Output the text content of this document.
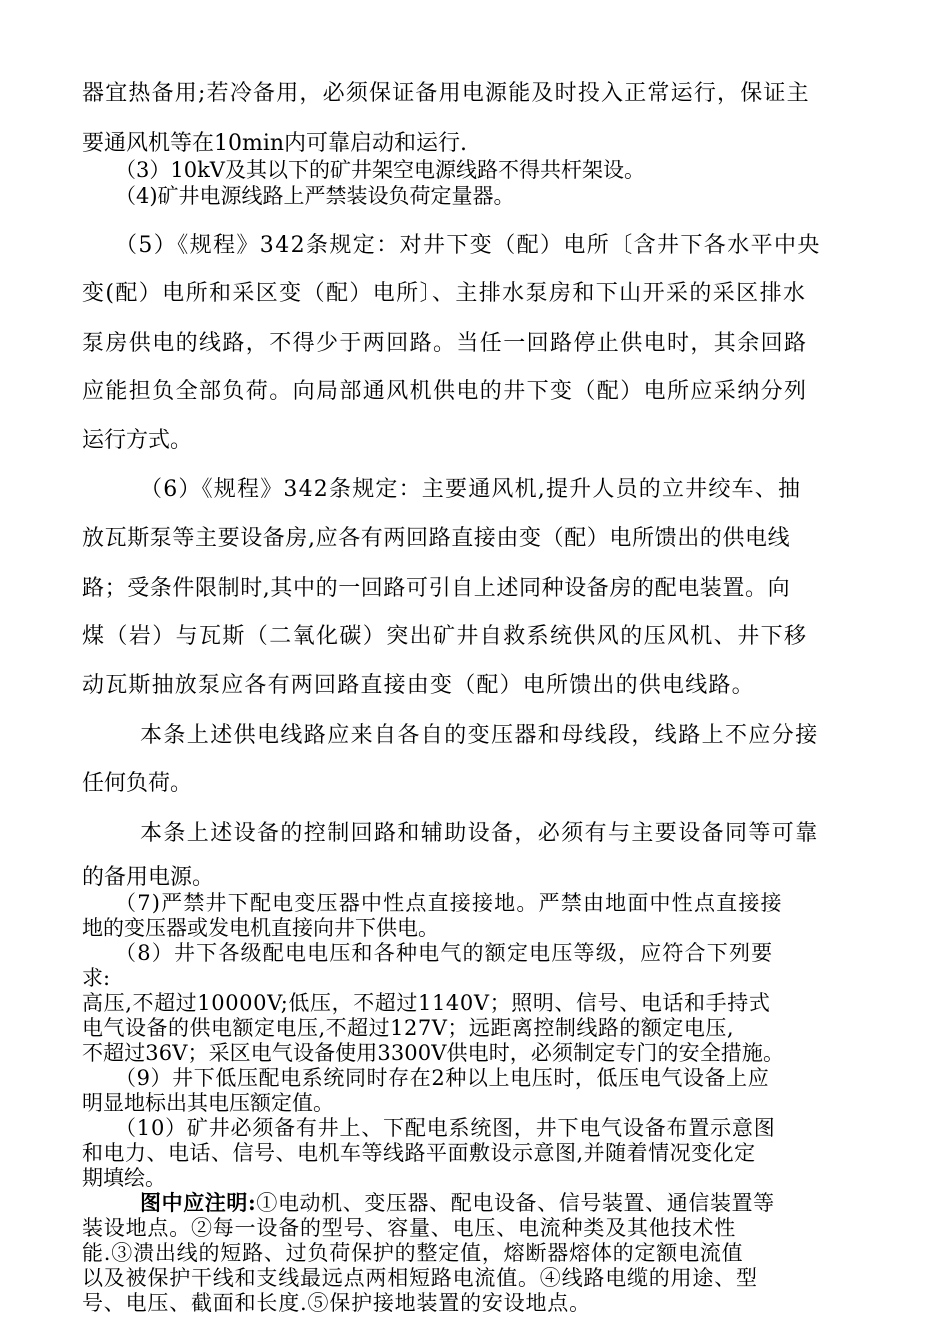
器宜热备用;若冷备用，必须保证备用电源能及时投入正常运行，保证主
要通风机等在10min内可靠启动和运行.
（3）10kV及其以下的矿井架空电源线路不得共杆架设。
（4)矿井电源线路上严禁装设负荷定量器。
（5）《规程》342条规定：对井下变（配）电所〔含井下各水平中央
变(配）电所和采区变（配）电所〕、主排水泵房和下山开采的采区排水
泵房供电的线路，不得少于两回路。当任一回路停止供电时，其余回路
应能担负全部负荷。向局部通风机供电的井下变（配）电所应采纳分列
运行方式。
（6）《规程》342条规定：主要通风机,提升人员的立井绞车、抽
放瓦斯泵等主要设备房,应各有两回路直接由变（配）电所馈出的供电线
路；受条件限制时,其中的一回路可引自上述同种设备房的配电装置。向
煤（岩）与瓦斯（二氧化碳）突出矿井自救系统供风的压风机、井下移
动瓦斯抽放泵应各有两回路直接由变（配）电所馈出的供电线路。
本条上述供电线路应来自各自的变压器和母线段，线路上不应分接
任何负荷。
本条上述设备的控制回路和辅助设备，必须有与主要设备同等可靠
的备用电源。
（7)严禁井下配电变压器中性点直接接地。严禁由地面中性点直接接
地的变压器或发电机直接向井下供电。
（8）井下各级配电电压和各种电气的额定电压等级，应符合下列要
求:
高压,不超过10000V;低压，不超过1140V；照明、信号、电话和手持式
电气设备的供电额定电压,不超过127V；远距离控制线路的额定电压,
不超过36V；采区电气设备使用3300V供电时，必须制定专门的安全措施。
（9）井下低压配电系统同时存在2种以上电压时，低压电气设备上应
明显地标出其电压额定值。
（10）矿井必须备有井上、下配电系统图，井下电气设备布置示意图
和电力、电话、信号、电机车等线路平面敷设示意图,并随着情况变化定
期填绘。
图中应注明:①电动机、变压器、配电设备、信号装置、通信装置等
装设地点。②每一设备的型号、容量、电压、电流种类及其他技术性
能.③溃出线的短路、过负荷保护的整定值，熔断器熔体的定额电流值
以及被保护干线和支线最远点两相短路电流值。④线路电缆的用途、型
号、电压、截面和长度.⑤保护接地装置的安设地点。
